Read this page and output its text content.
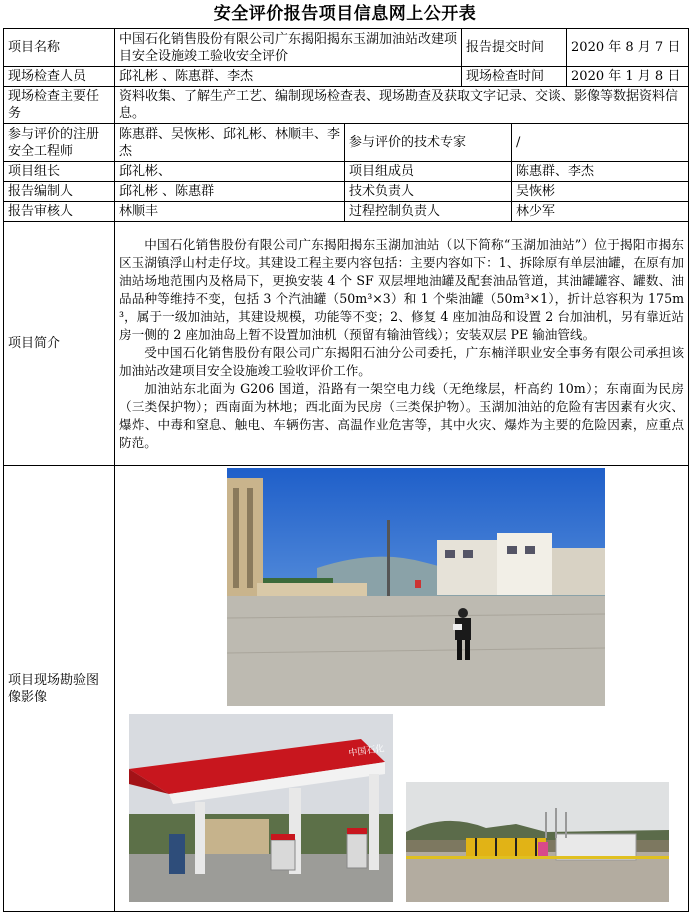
安全评价报告项目信息网上公开表
项目名称	中国石化销售股份有限公司广东揭阳揭东玉湖加油站改建项目安全设施竣工验收安全评价		报告提交时间		2020 年 8 月 7 日
现场检查人员	邱礼彬 、陈惠群、李杰		现场检查时间		2020 年 1 月 8 日
现场检查主要任务	资料收集、了解生产工艺、编制现场检查表、现场勘查及获取文字记录、交谈、影像等数据资料信息。				
参与评价的注册安全工程师	陈惠群、吴恢彬、邱礼彬、林顺丰、李杰	参与评价的技术专家		/	
项目组长	邱礼彬、	项目组成员		陈惠群、李杰	
报告编制人	邱礼彬 、陈惠群	技术负责人		吴恢彬	
报告审核人	林顺丰	过程控制负责人		林少军	
项目简介	中国石化销售股份有限公司广东揭阳揭东玉湖加油站（以下简称“玉湖加油站”）位于揭阳市揭东区玉湖镇浮山村走仔坟。其建设工程主要内容包括：主要内容如下：1、拆除原有单层油罐，在原有加油站场地范围内及格局下，更换安装 4 个 SF 双层埋地油罐及配套油品管道，其油罐罐容、罐数、油品品种等维持不变，包括 3 个汽油罐（50m³×3）和 1 个柴油罐（50m³×1），折计总容积为 175m³，属于一级加油站，其建设规模，功能等不变；2、修复 4 座加油岛和设置 2 台加油机，另有靠近站房一侧的 2 座加油岛上暂不设置加油机（预留有输油管线）；安装双层 PE 输油管线。

受中国石化销售股份有限公司广东揭阳石油分公司委托，广东楠洋职业安全事务有限公司承担该加油站改建项目安全设施竣工验收评价工作。

加油站东北面为 G206 国道，沿路有一架空电力线（无绝缘层，杆高约 10m）；东南面为民房（三类保护物）；西南面为林地；西北面为民房（三类保护物）。玉湖加油站的危险有害因素有火灾、爆炸、中毒和窒息、触电、车辆伤害、高温作业危害等，其中火灾、爆炸为主要的危险因素，应重点防范。				

项目现场勘验图像影像	中国石化				
